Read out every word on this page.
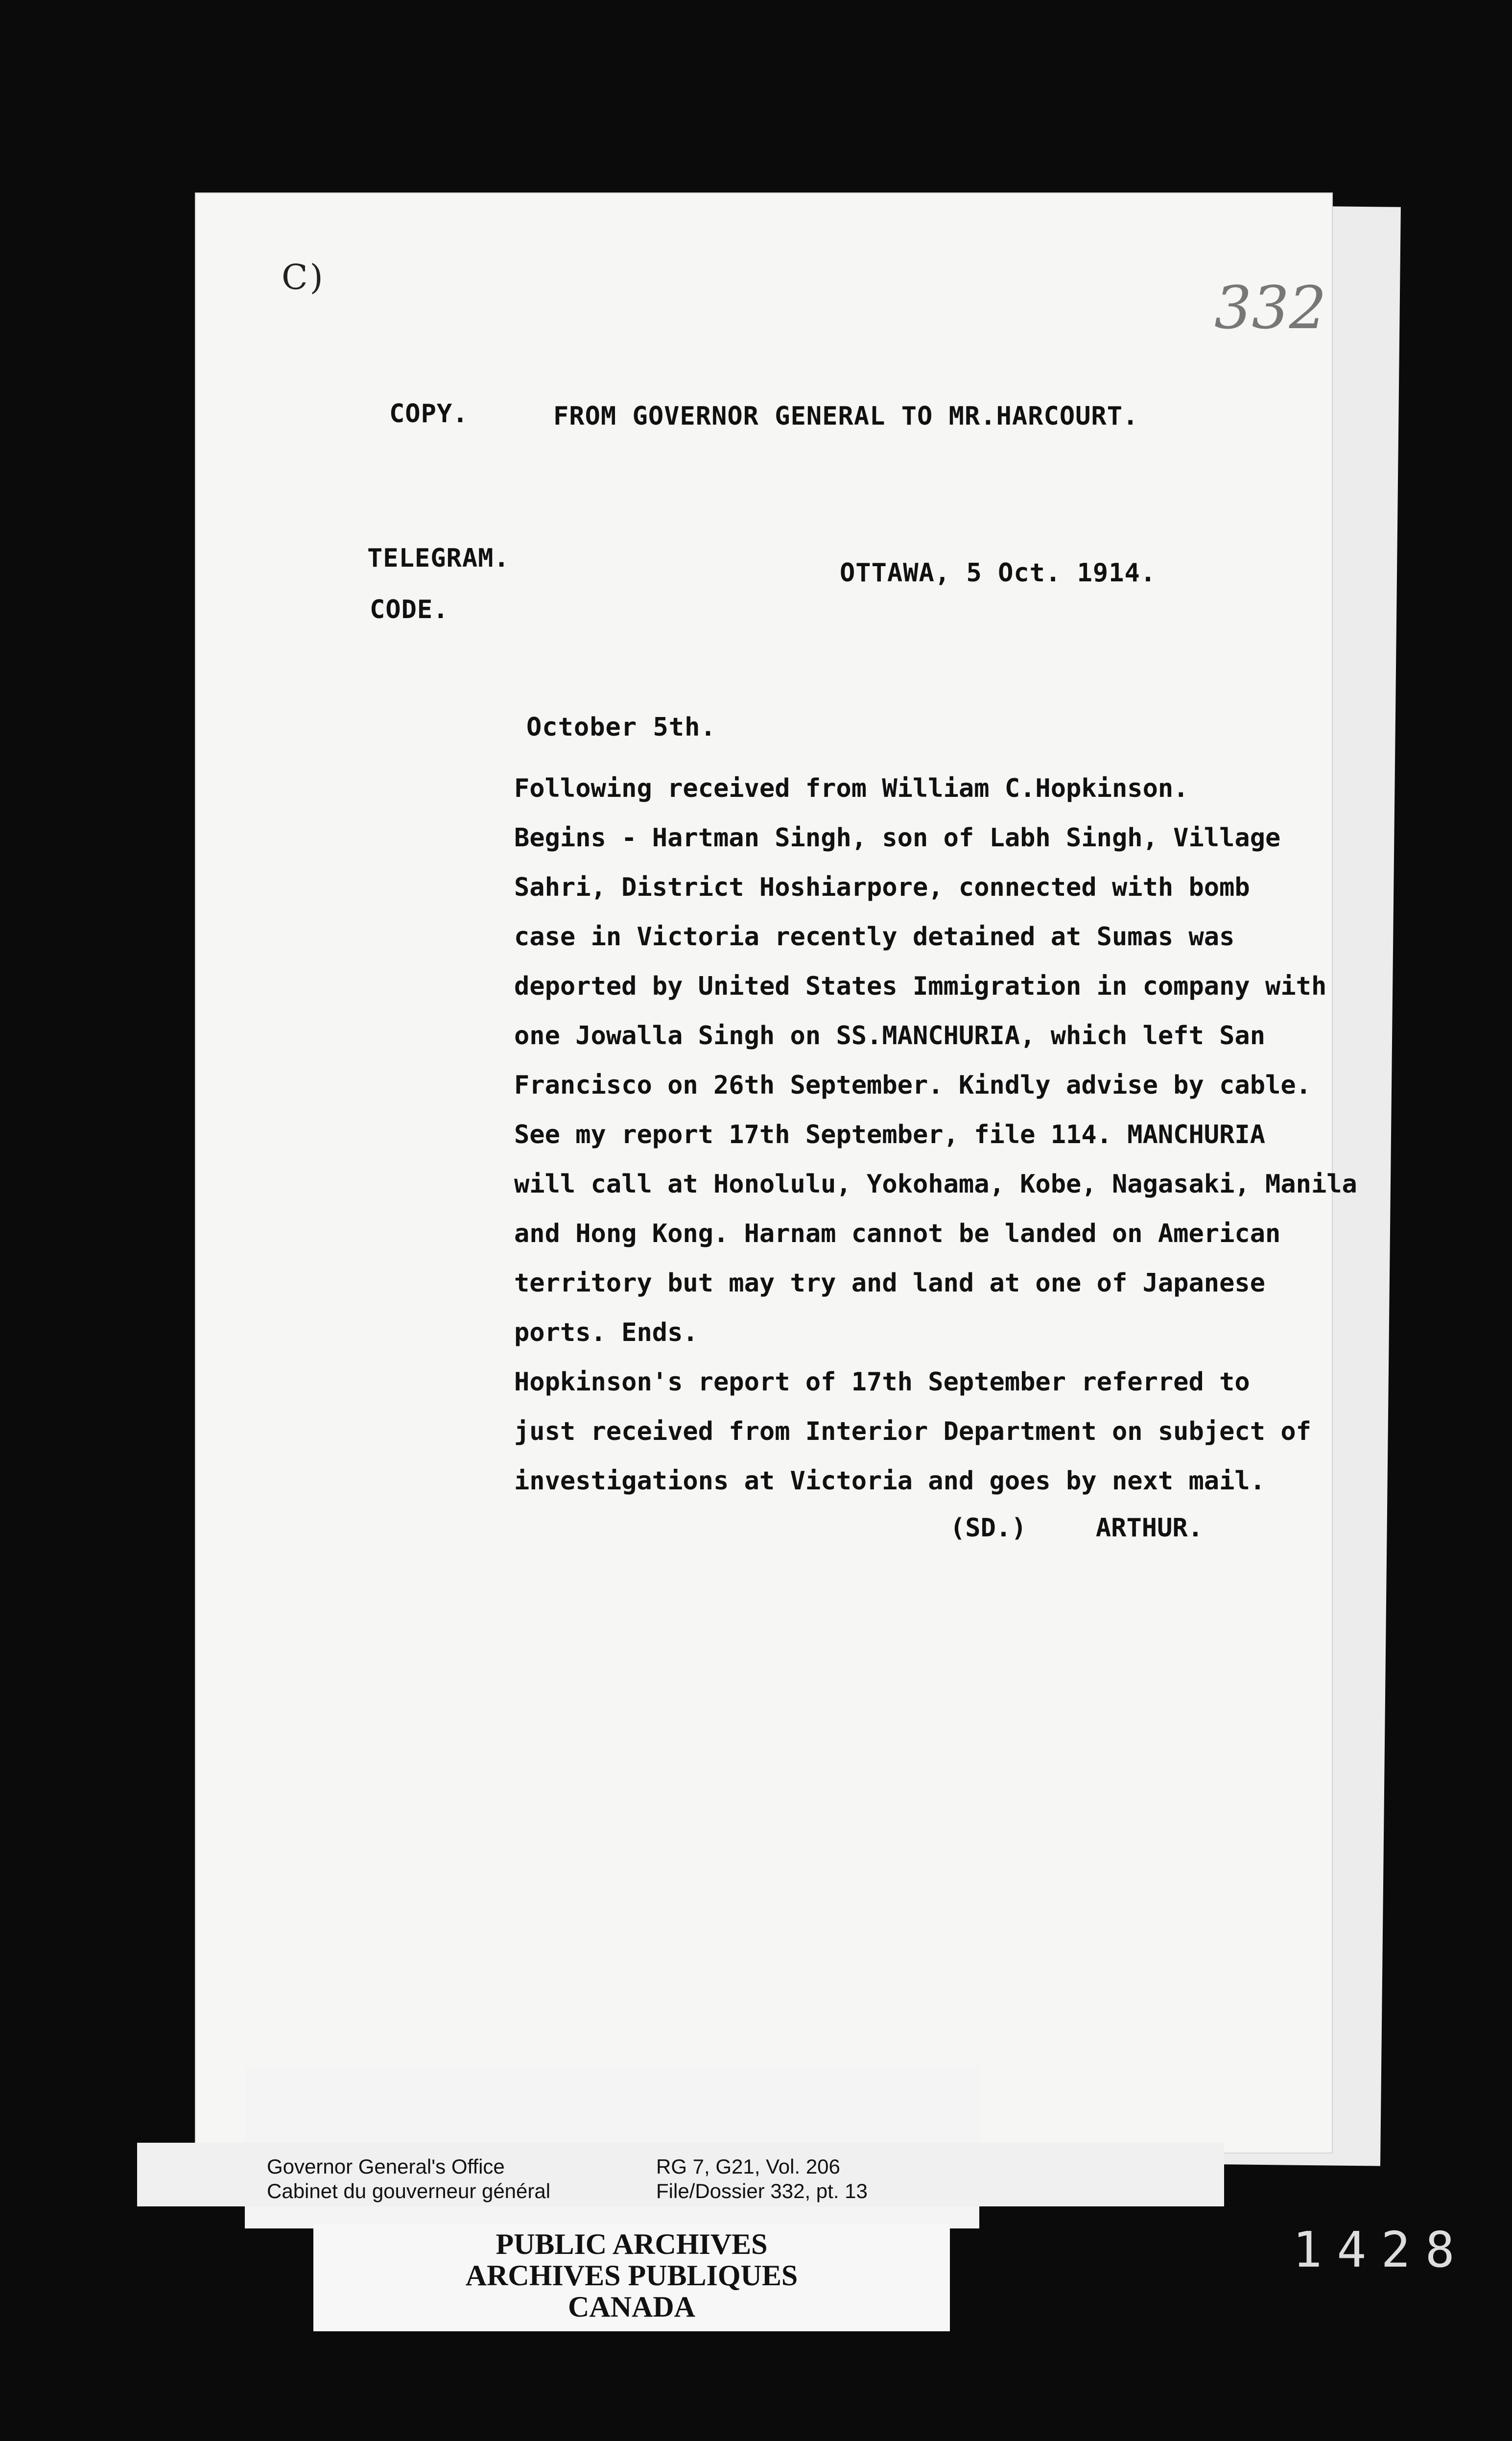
C)	332
COPY.	FROM GOVERNOR GENERAL TO MR.HARCOURT.
TELEGRAM.
CODE.
OTTAWA, 5 Oct. 1914.
October 5th.
Following received from William C.Hopkinson.
Begins - Hartman Singh, son of Labh Singh, Village
Sahri, District Hoshiarpore, connected with bomb
case in Victoria recently detained at Sumas was
deported by United States Immigration in company with
one Jowalla Singh on SS.MANCHURIA, which left San
Francisco on 26th September. Kindly advise by cable.
See my report 17th September, file 114. MANCHURIA
will call at Honolulu, Yokohama, Kobe, Nagasaki, Manila
and Hong Kong. Harnam cannot be landed on American
territory but may try and land at one of Japanese
ports. Ends.
Hopkinson's report of 17th September referred to
just received from Interior Department on subject of
investigations at Victoria and goes by next mail.
(SD.)	ARTHUR.
Governor General's Office
Cabinet du gouverneur général
RG 7, G21, Vol. 206
File/Dossier 332, pt. 13
PUBLIC ARCHIVES
ARCHIVES PUBLIQUES
CANADA
1428
